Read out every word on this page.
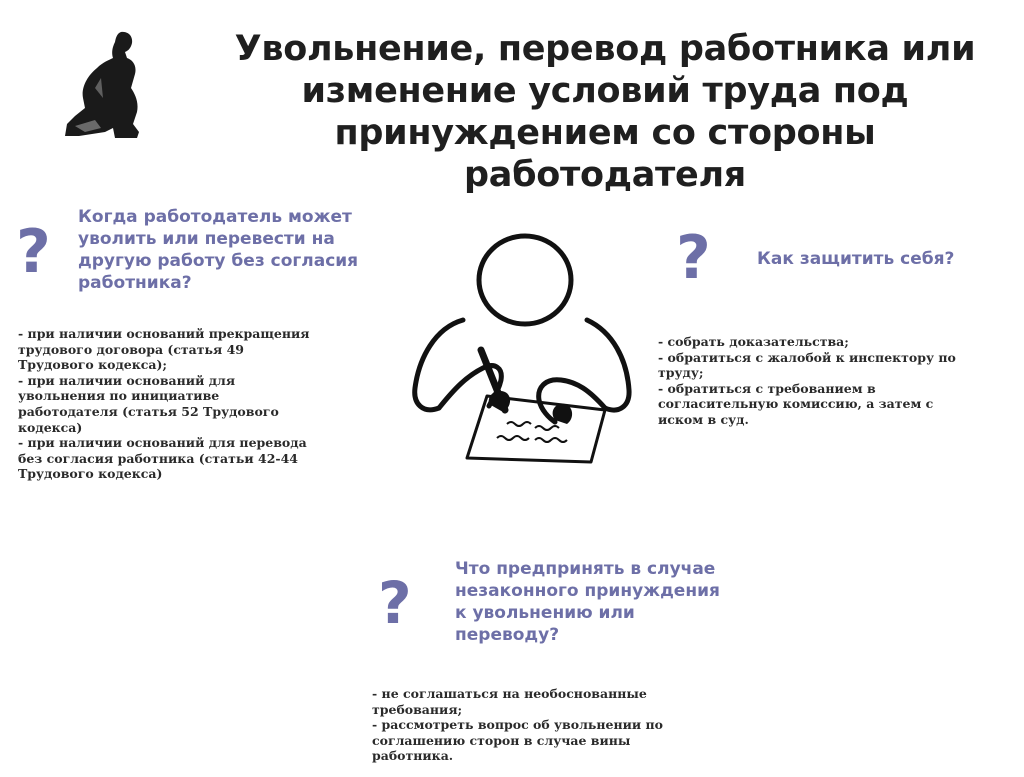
Увольнение, перевод работника или
изменение условий труда под
принуждением со стороны работодателя
? Когда работодатель может
уволить или перевести на
другую работу без согласия
работника?
- при наличии оснований прекращения
трудового договора (статья 49
Трудового кодекса);
- при наличии оснований для
увольнения по инициативе
работодателя (статья 52 Трудового
кодекса)
- при наличии оснований для перевода
без согласия работника (статьи 42-44
Трудового кодекса)
?	Как защитить себя?
- собрать доказательства;
- обратиться с жалобой к инспектору по
труду;
- обратиться с требованием в
согласительную комиссию, а затем с
иском в суд.
?	Что предпринять в случае
незаконного принуждения
к увольнению или
переводу?
- не соглашаться на необоснованные
требования;
- рассмотреть вопрос об увольнении по
соглашению сторон в случае вины
работника.
